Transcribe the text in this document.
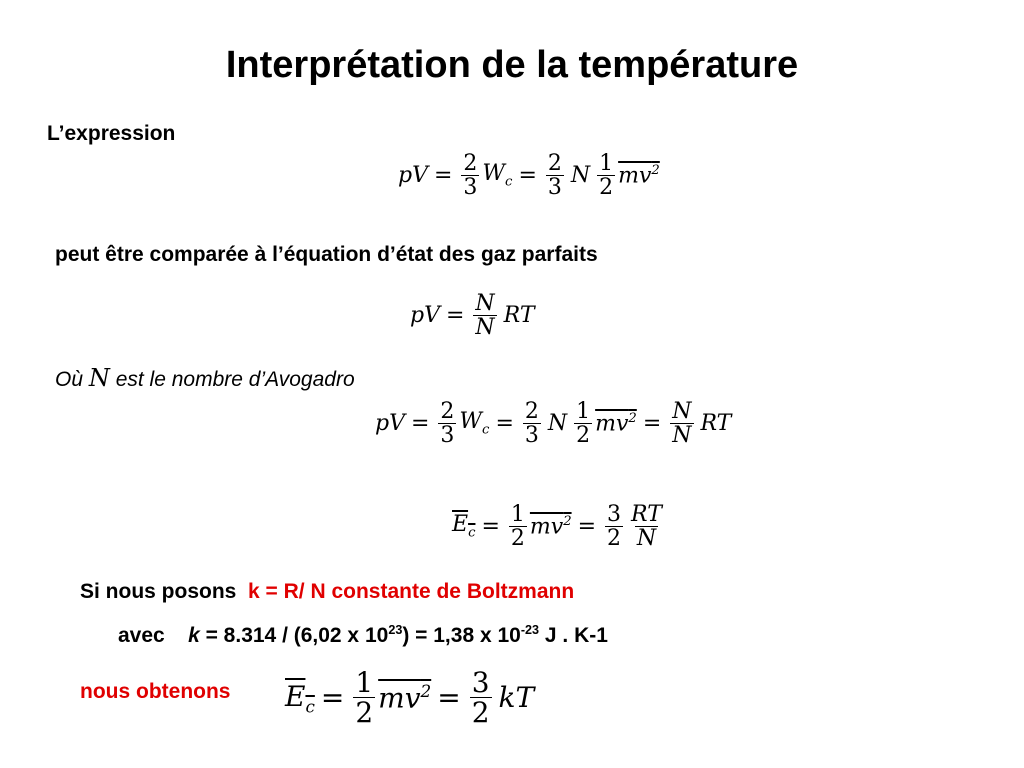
Interprétation de la température
L’expression
pV = $\frac{2}{3} W_c = \frac{2}{3}$ N $\frac{1}{2} mv^2$
peut être comparée à l’équation d’état des gaz parfaits
pV = $\frac{N}{N}$ RT
Où N est le nombre d’Avogadro
pV = $\frac{2}{3} W_c = \frac{2}{3}$ N $\frac{1}{2} mv^2 = \frac{N}{N}$ RT
$E_c = \frac{1}{2} mv^2 = \frac{3}{2} \frac{RT}{N}$
Si nous posons k = R/ N constante de Boltzmann
avec k = 8.314 / (6,02 x $10^{23}) = 1,38$ x $10^{-23}$ J . K-1
nous obtenons $E_c = \frac{1}{2} mv^2 = \frac{3}{2}$ kT
